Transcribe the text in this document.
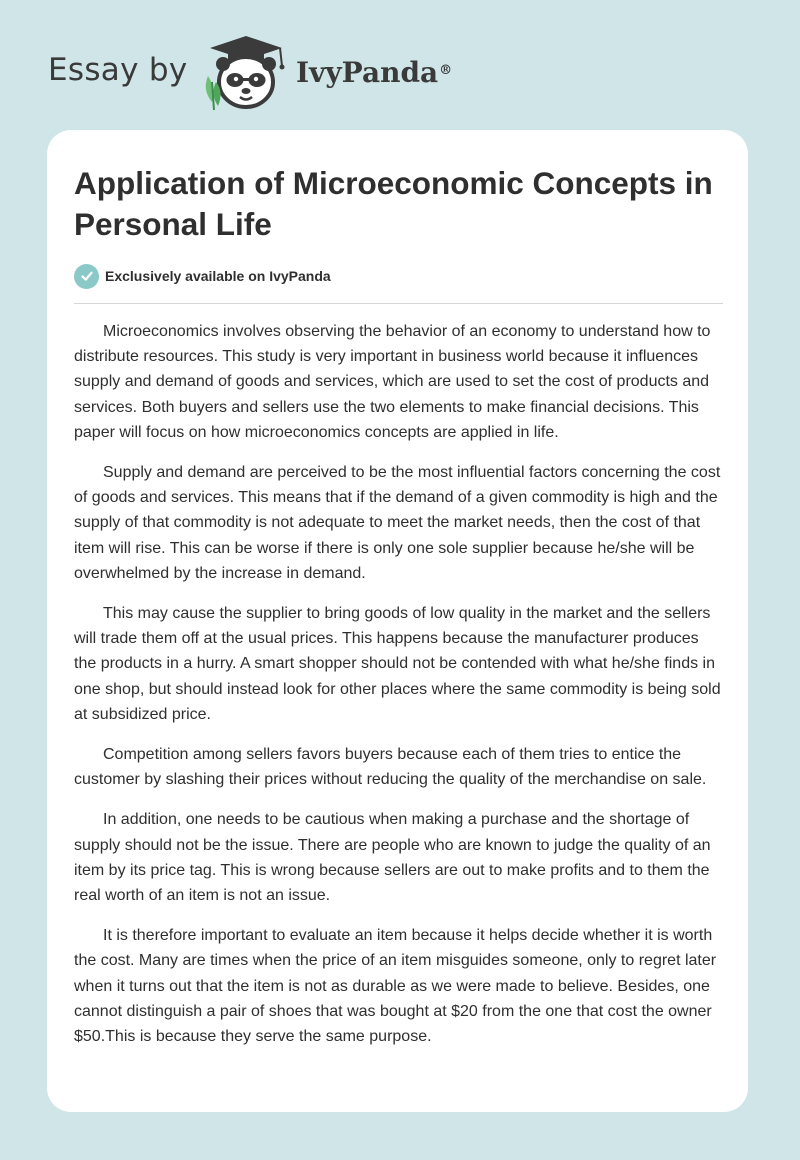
Essay by	IvyPanda®
Application of Microeconomic Concepts in Personal Life
Exclusively available on IvyPanda

Microeconomics involves observing the behavior of an economy to understand how to distribute resources. This study is very important in business world because it influences supply and demand of goods and services, which are used to set the cost of products and services. Both buyers and sellers use the two elements to make financial decisions. This paper will focus on how microeconomics concepts are applied in life.

Supply and demand are perceived to be the most influential factors concerning the cost of goods and services. This means that if the demand of a given commodity is high and the supply of that commodity is not adequate to meet the market needs, then the cost of that item will rise. This can be worse if there is only one sole supplier because he/she will be overwhelmed by the increase in demand.

This may cause the supplier to bring goods of low quality in the market and the sellers will trade them off at the usual prices. This happens because the manufacturer produces the products in a hurry. A smart shopper should not be contended with what he/she finds in one shop, but should instead look for other places where the same commodity is being sold at subsidized price.

Competition among sellers favors buyers because each of them tries to entice the customer by slashing their prices without reducing the quality of the merchandise on sale.

In addition, one needs to be cautious when making a purchase and the shortage of supply should not be the issue. There are people who are known to judge the quality of an item by its price tag. This is wrong because sellers are out to make profits and to them the real worth of an item is not an issue.

It is therefore important to evaluate an item because it helps decide whether it is worth the cost. Many are times when the price of an item misguides someone, only to regret later when it turns out that the item is not as durable as we were made to believe. Besides, one cannot distinguish a pair of shoes that was bought at $20 from the one that cost the owner $50.This is because they serve the same purpose.
